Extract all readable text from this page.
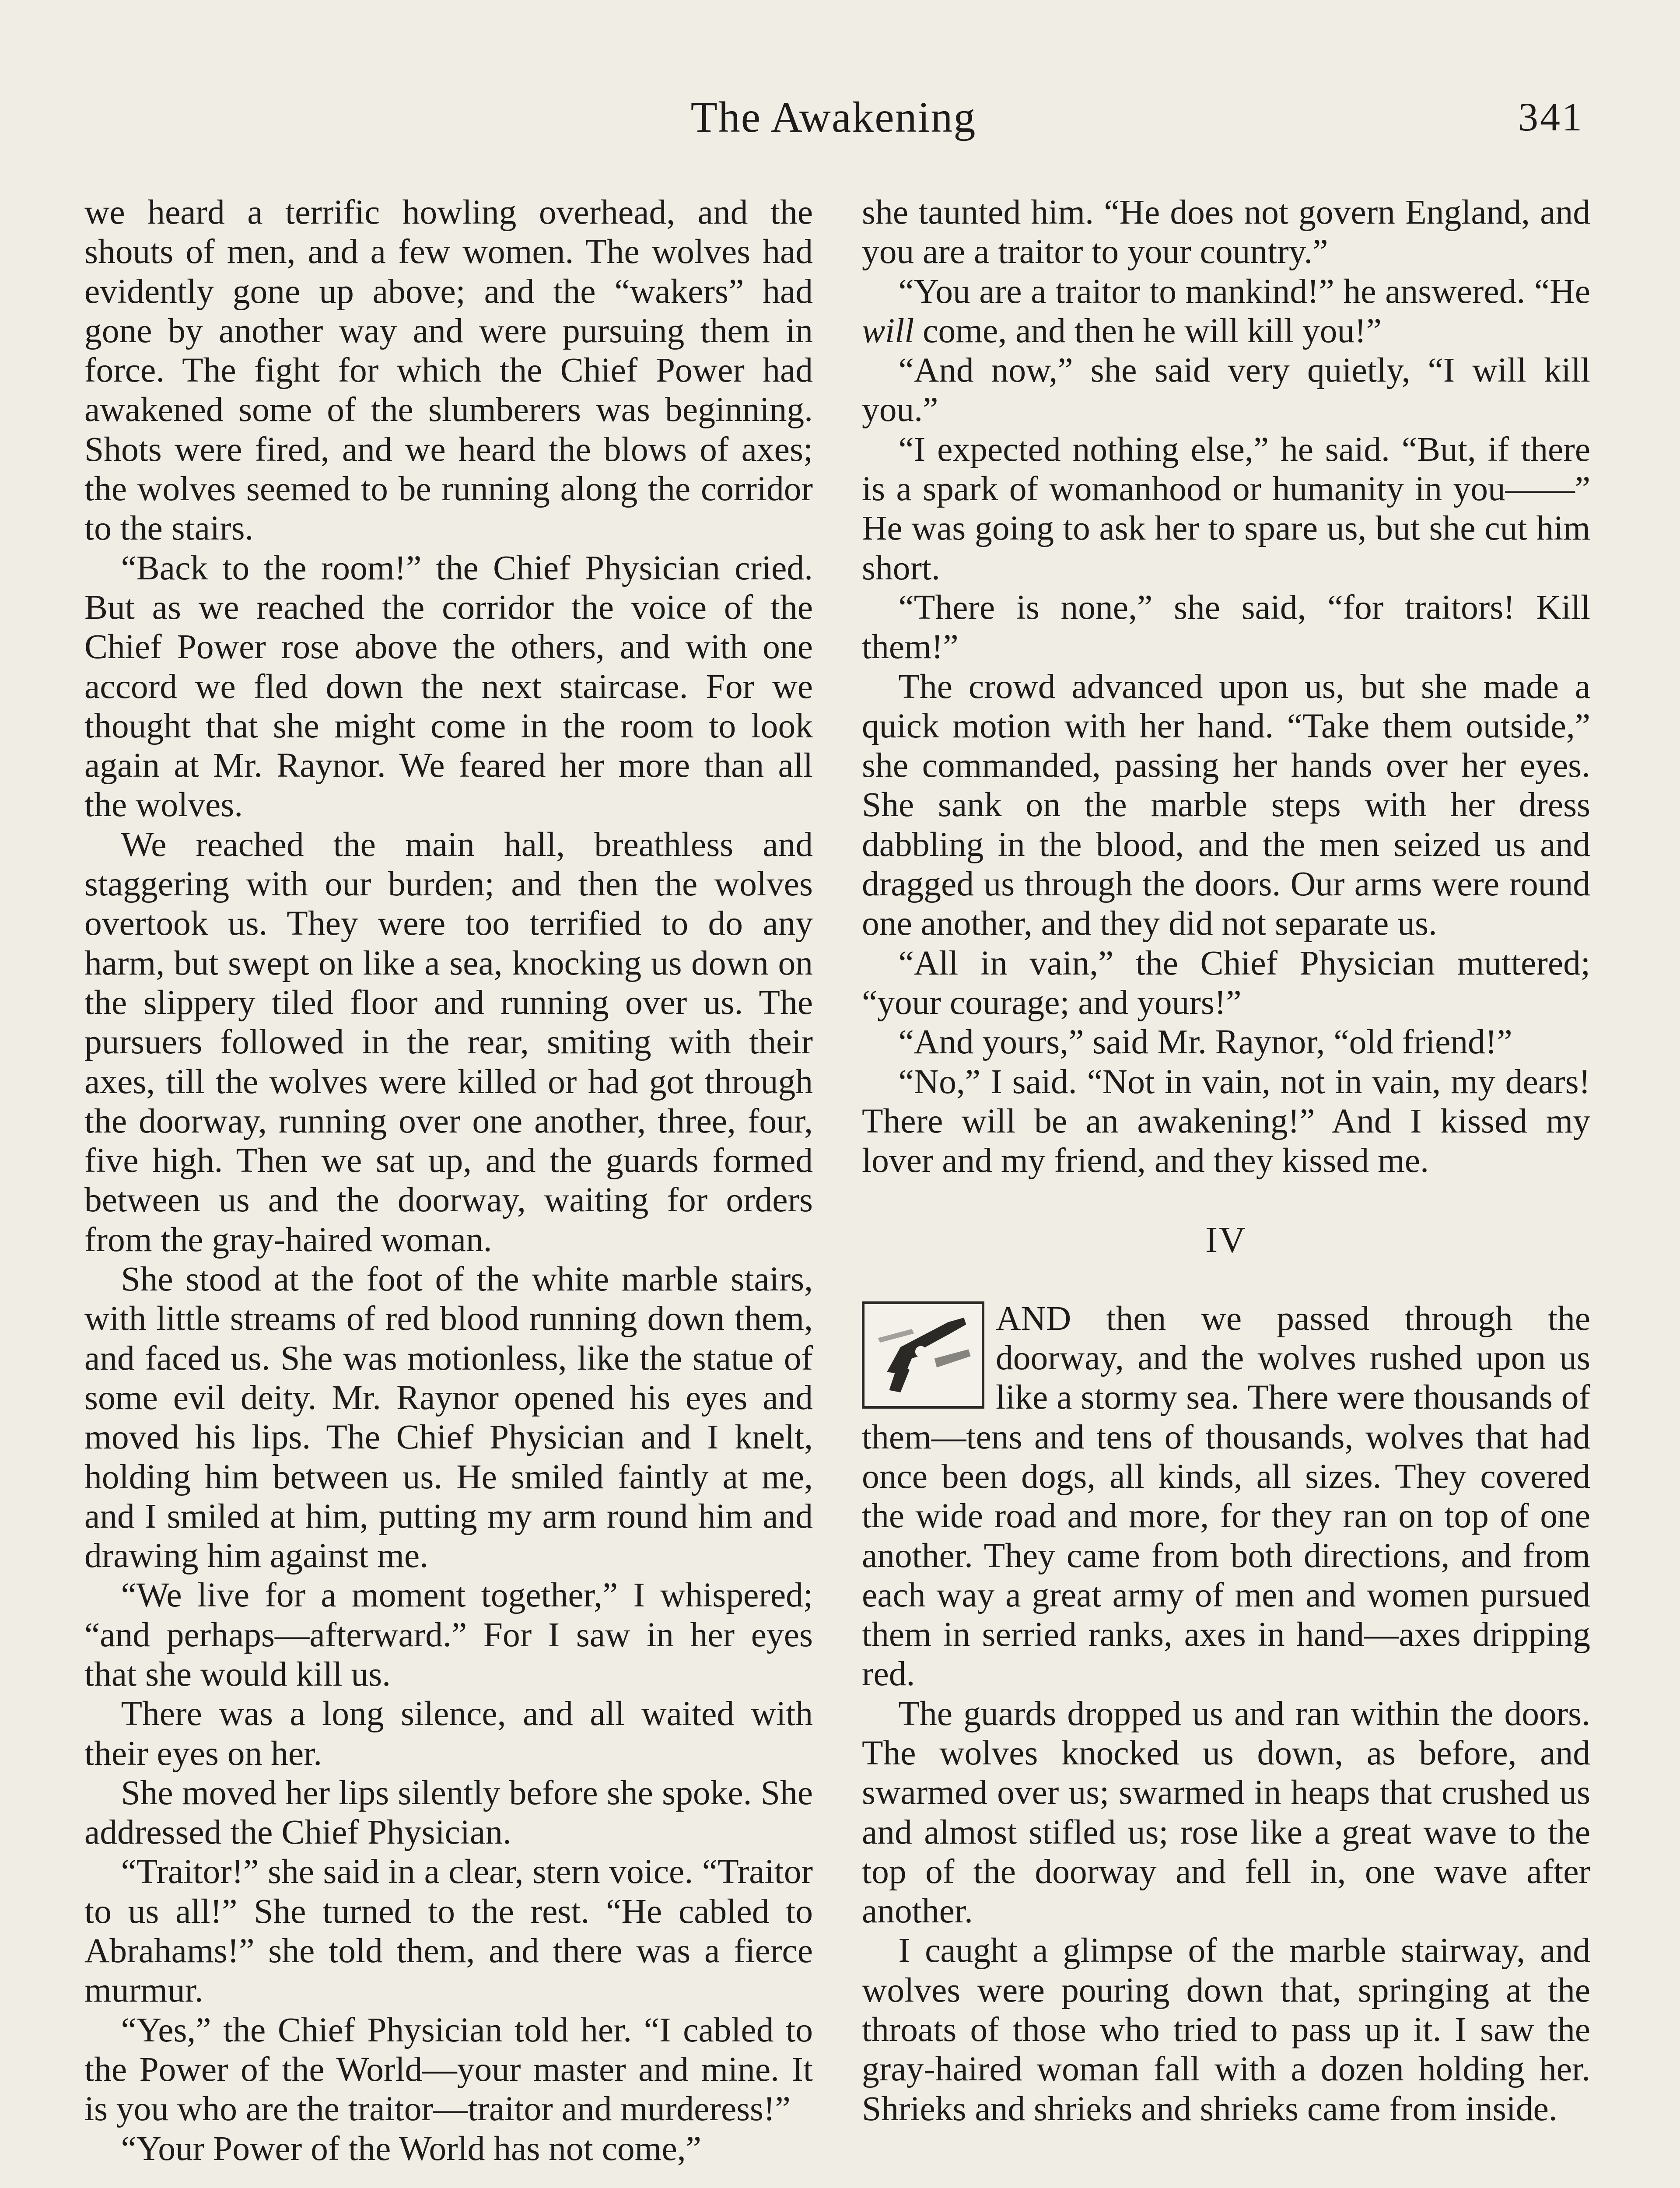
The Awakening	341

we heard a terrific howling overhead, and the shouts of men, and a few women. The wolves had evidently gone up above; and the “wakers” had gone by another way and were pursuing them in force. The fight for which the Chief Power had awakened some of the slumberers was beginning. Shots were fired, and we heard the blows of axes; the wolves seemed to be running along the corridor to the stairs.

“Back to the room!” the Chief Physician cried. But as we reached the corridor the voice of the Chief Power rose above the others, and with one accord we fled down the next staircase. For we thought that she might come in the room to look again at Mr. Raynor. We feared her more than all the wolves.

We reached the main hall, breathless and staggering with our burden; and then the wolves overtook us. They were too terrified to do any harm, but swept on like a sea, knocking us down on the slippery tiled floor and running over us. The pursuers followed in the rear, smiting with their axes, till the wolves were killed or had got through the doorway, running over one another, three, four, five high. Then we sat up, and the guards formed between us and the doorway, waiting for orders from the gray-haired woman.

She stood at the foot of the white marble stairs, with little streams of red blood running down them, and faced us. She was motionless, like the statue of some evil deity. Mr. Raynor opened his eyes and moved his lips. The Chief Physician and I knelt, holding him between us. He smiled faintly at me, and I smiled at him, putting my arm round him and drawing him against me.

“We live for a moment together,” I whispered; “and perhaps—afterward.” For I saw in her eyes that she would kill us.

There was a long silence, and all waited with their eyes on her.

She moved her lips silently before she spoke. She addressed the Chief Physician.

“Traitor!” she said in a clear, stern voice. “Traitor to us all!” She turned to the rest. “He cabled to Abrahams!” she told them, and there was a fierce murmur.

“Yes,” the Chief Physician told her. “I cabled to the Power of the World—your master and mine. It is you who are the traitor—traitor and murderess!”

“Your Power of the World has not come,”

she taunted him. “He does not govern England, and you are a traitor to your country.”

“You are a traitor to mankind!” he answered. “He will come, and then he will kill you!”

“And now,” she said very quietly, “I will kill you.”

“I expected nothing else,” he said. “But, if there is a spark of womanhood or humanity in you——” He was going to ask her to spare us, but she cut him short.

“There is none,” she said, “for traitors! Kill them!”

The crowd advanced upon us, but she made a quick motion with her hand. “Take them outside,” she commanded, passing her hands over her eyes. She sank on the marble steps with her dress dabbling in the blood, and the men seized us and dragged us through the doors. Our arms were round one another, and they did not separate us.

“All in vain,” the Chief Physician muttered; “your courage; and yours!”

“And yours,” said Mr. Raynor, “old friend!”

“No,” I said. “Not in vain, not in vain, my dears! There will be an awakening!” And I kissed my lover and my friend, and they kissed me.

IV

AND then we passed through the doorway, and the wolves rushed upon us like a stormy sea. There were thousands of them—tens and tens of thousands, wolves that had once been dogs, all kinds, all sizes. They covered the wide road and more, for they ran on top of one another. They came from both directions, and from each way a great army of men and women pursued them in serried ranks, axes in hand—axes dripping red.

The guards dropped us and ran within the doors. The wolves knocked us down, as before, and swarmed over us; swarmed in heaps that crushed us and almost stifled us; rose like a great wave to the top of the doorway and fell in, one wave after another.

I caught a glimpse of the marble stairway, and wolves were pouring down that, springing at the throats of those who tried to pass up it. I saw the gray-haired woman fall with a dozen holding her. Shrieks and shrieks and shrieks came from inside.
